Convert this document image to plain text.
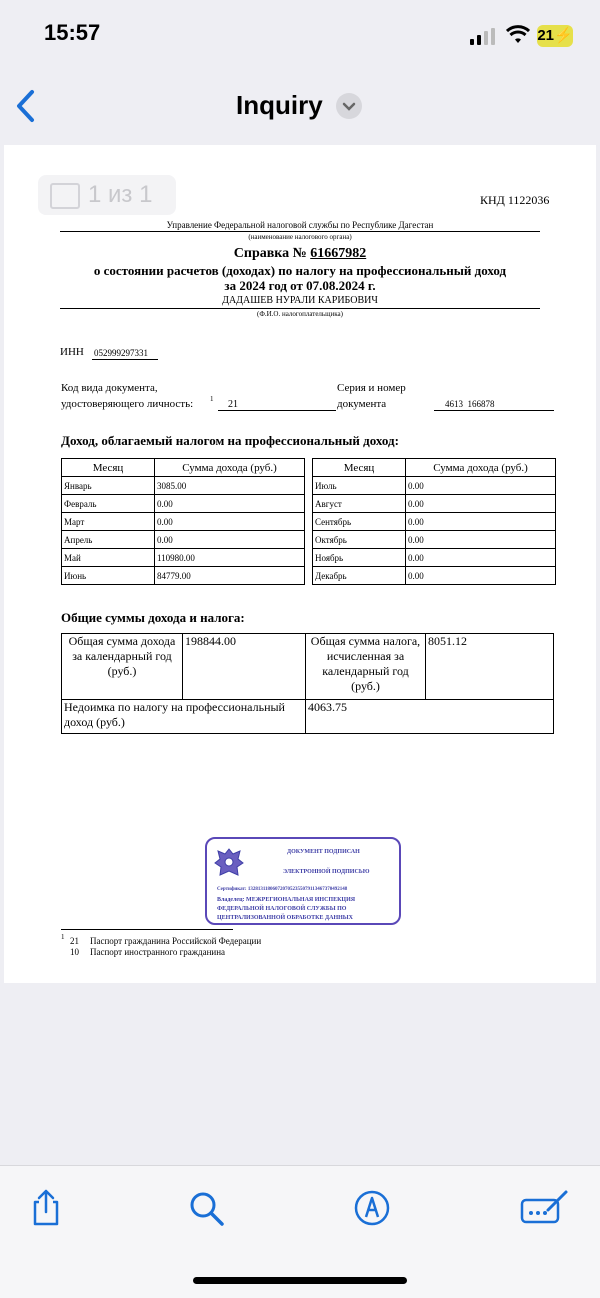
15:57	21⚡
Inquiry
1 из 1	КНД 1122036
Управление Федеральной налоговой службы по Республике Дагестан
(наименование налогового органа)
Справка № 61667982
о состоянии расчетов (доходах) по налогу на профессиональный доход
за 2024 год от 07.08.2024 г.
ДАДАШЕВ НУРАЛИ КАРИБОВИЧ
(Ф.И.О. налогоплательщика)
ИНН 052999297331
Код вида документа,
удостоверяющего личность: 1 21
Серия и номер
документа	4613  166878
Доход, облагаемый налогом на профессиональный доход:
Месяц	Сумма дохода (руб.)
Январь	3085.00
Февраль	0.00
Март	0.00
Апрель	0.00
Май	110980.00
Июнь	84779.00
Месяц	Сумма дохода (руб.)
Июль	0.00
Август	0.00
Сентябрь	0.00
Октябрь	0.00
Ноябрь	0.00
Декабрь	0.00
Общие суммы дохода и налога:
Общая сумма дохода за календарный год (руб.)	198844.00	Общая сумма налога, исчисленная за календарный год (руб.)	8051.12
Недоимка по налогу на профессиональный доход (руб.)		4063.75	
ДОКУМЕНТ ПОДПИСАН
ЭЛЕКТРОННОЙ ПОДПИСЬЮ
Сертификат: 1328131180607207052355079113467370492148
Владелец: МЕЖРЕГИОНАЛЬНАЯ ИНСПЕКЦИЯ
ФЕДЕРАЛЬНОЙ НАЛОГОВОЙ СЛУЖБЫ ПО
ЦЕНТРАЛИЗОВАННОЙ ОБРАБОТКЕ ДАННЫХ
1 21 Паспорт гражданина Российской Федерации
10 Паспорт иностранного гражданина
